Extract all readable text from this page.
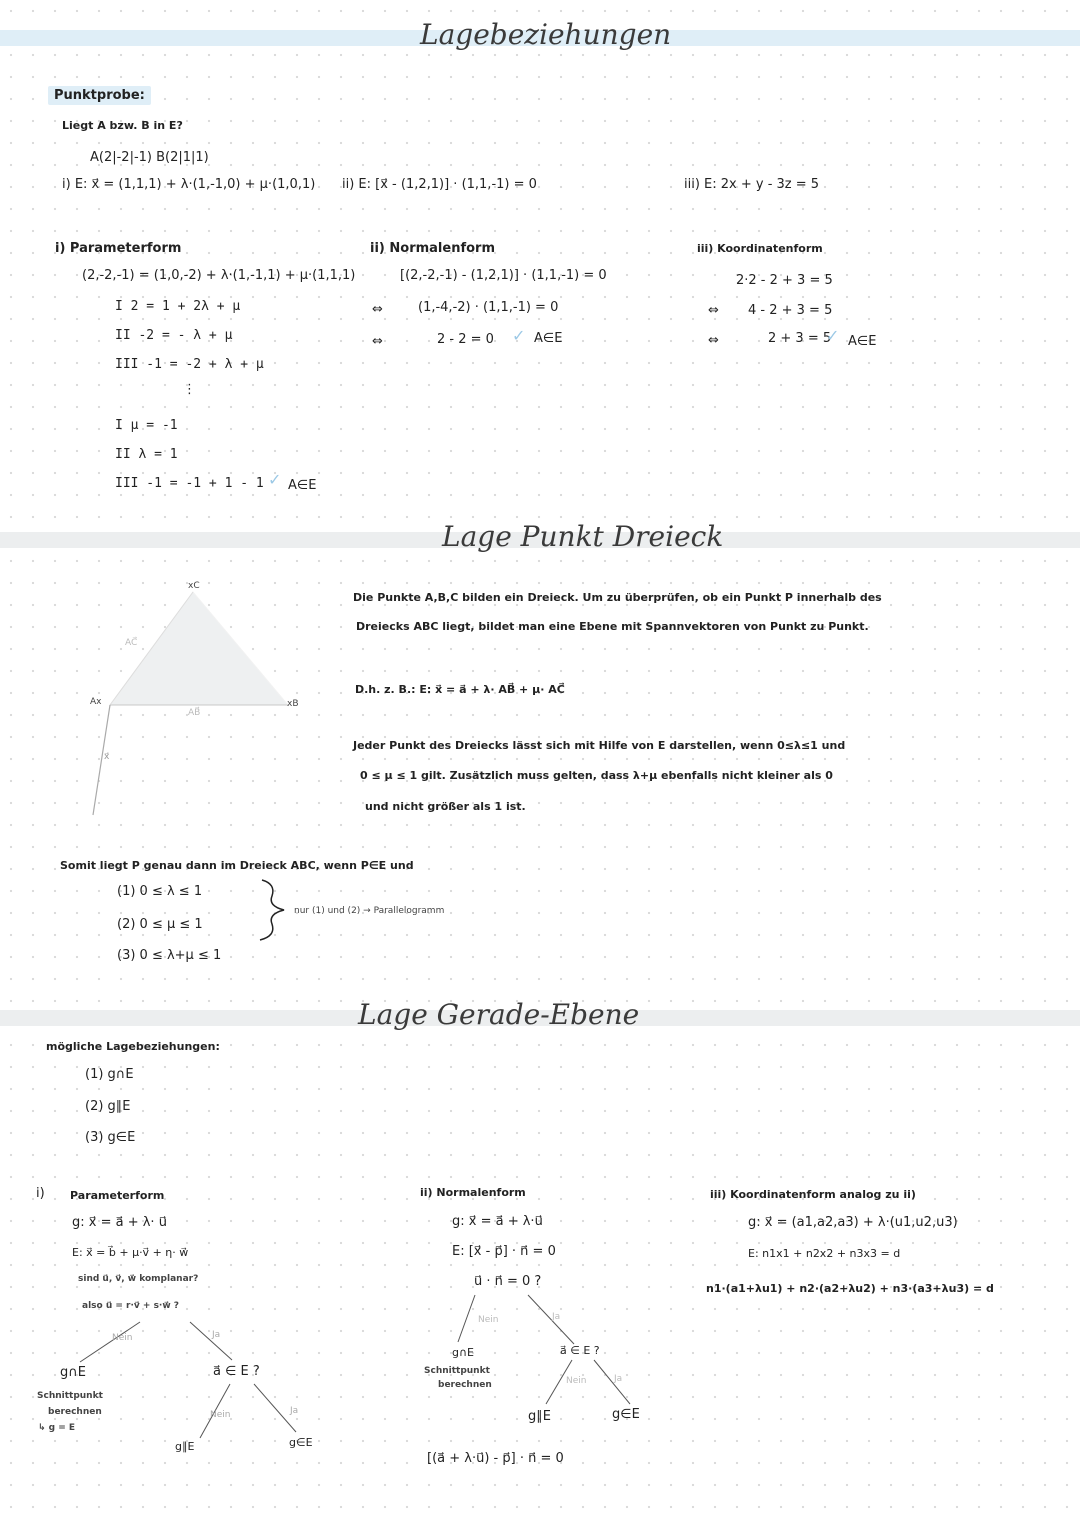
Lagebeziehungen
Punktprobe:
Liegt A bzw. B in E?
A(2|-2|-1) B(2|1|1)
i) E: x⃗ = (1,1,1) + λ·(1,-1,0) + μ·(1,0,1) ii) E: [x⃗ - (1,2,1)] · (1,1,-1) = 0	iii) E: 2x + y - 3z = 5
i) Parameterform
(2,-2,-1) = (1,0,-2) + λ·(1,-1,1) + μ·(1,1,1)
I 2 = 1 + 2λ + μ
II -2 = - λ + μ
III -1 = -2 + λ + μ
⋮
I μ = -1
II λ = 1
III -1 = -1 + 1 - 1 ✓ A∈E
ii) Normalenform
[(2,-2,-1) - (1,2,1)] · (1,1,-1) = 0
⇔	(1,-4,-2) · (1,1,-1) = 0
⇔	2 - 2 = 0 ✓ A∈E
iii) Koordinatenform
2·2 - 2 + 3 = 5
⇔ 4 - 2 + 3 = 5
⇔	2 + 3 = 5
✓ A∈E
Lage Punkt Dreieck
xC
Ax	xB
AB⃗
AC⃗
x⃗
Die Punkte A,B,C bilden ein Dreieck. Um zu überprüfen, ob ein Punkt P innerhalb des
Dreiecks ABC liegt, bildet man eine Ebene mit Spannvektoren von Punkt zu Punkt.
D.h. z. B.: E: x⃗ = a⃗ + λ· AB⃗ + μ· AC⃗
Jeder Punkt des Dreiecks lässt sich mit Hilfe von E darstellen, wenn 0≤λ≤1 und
0 ≤ μ ≤ 1 gilt. Zusätzlich muss gelten, dass λ+μ ebenfalls nicht kleiner als 0
und nicht größer als 1 ist.
Somit liegt P genau dann im Dreieck ABC, wenn P∈E und
(1) 0 ≤ λ ≤ 1
(2) 0 ≤ μ ≤ 1
(3) 0 ≤ λ+μ ≤ 1
nur (1) und (2) → Parallelogramm
Lage Gerade-Ebene
mögliche Lagebeziehungen:
(1) g∩E
(2) g∥E
(3) g∈E
i) Parameterform
g: x⃗ = a⃗ + λ· u⃗
E: x⃗ = b⃗ + μ·v⃗ + η· w⃗
sind u⃗, v⃗, w⃗ komplanar?
also u⃗ = r·v⃗ + s·w⃗ ?
Nein	Ja
g∩E
Schnittpunkt
berechnen
↳ g = E
a⃗ ∈ E ?
Nein	Ja
g∥E	g∈E
ii) Normalenform
g: x⃗ = a⃗ + λ·u⃗
E: [x⃗ - p⃗] · n⃗ = 0
u⃗ · n⃗ = 0 ?
Nein	Ja
g∩E
Schnittpunkt
berechnen
a⃗ ∈ E ?
Nein	Ja
g∥E	g∈E
[(a⃗ + λ·u⃗) - p⃗] · n⃗ = 0
iii) Koordinatenform analog zu ii)
g: x⃗ = (a1,a2,a3) + λ·(u1,u2,u3)
E: n1x1 + n2x2 + n3x3 = d
n1·(a1+λu1) + n2·(a2+λu2) + n3·(a3+λu3) = d
